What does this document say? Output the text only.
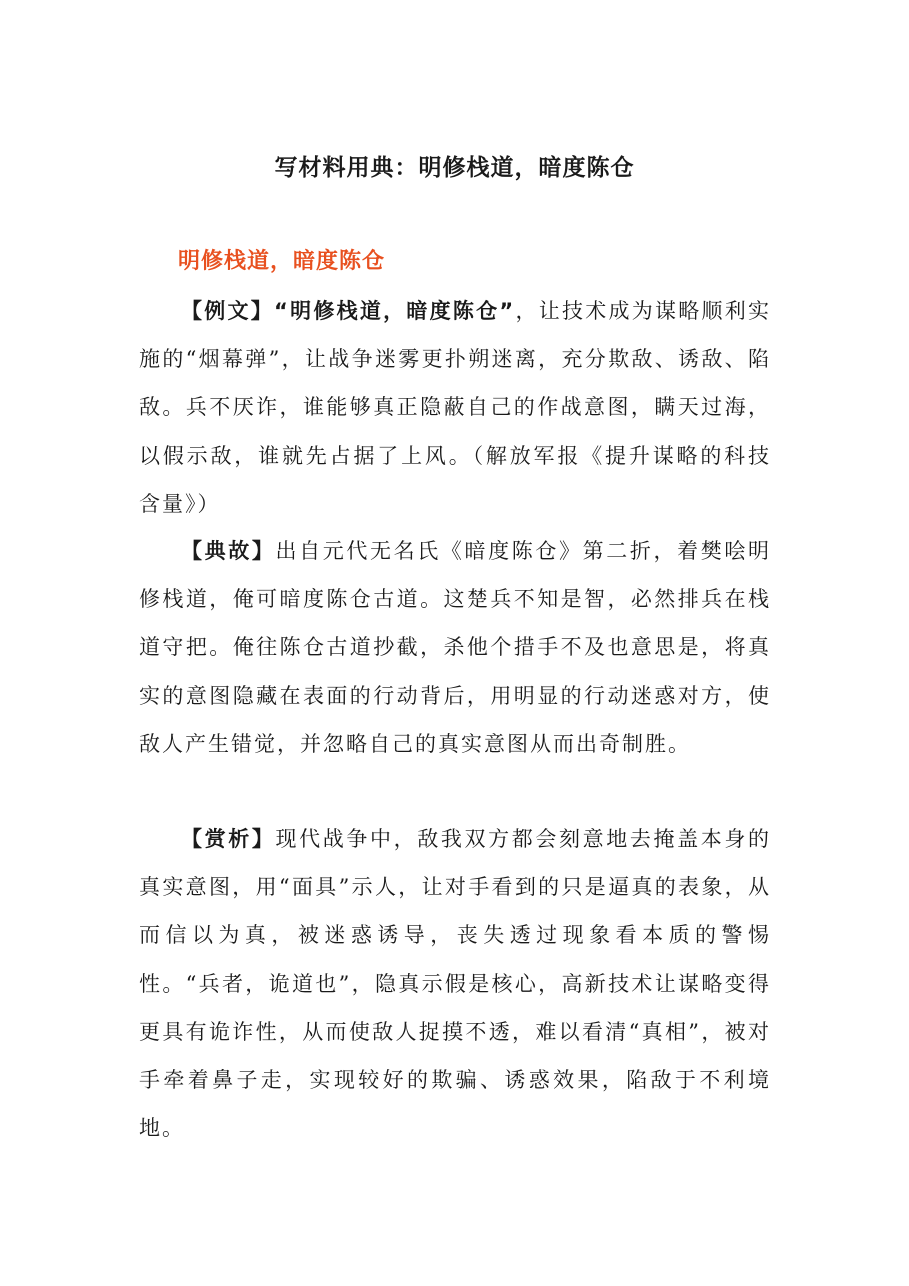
写材料用典：明修栈道，暗度陈仓
明修栈道，暗度陈仓

【例文】“明修栈道，暗度陈仓”，让技术成为谋略顺利实施的“烟幕弹”，让战争迷雾更扑朔迷离，充分欺敌、诱敌、陷敌。兵不厌诈，谁能够真正隐蔽自己的作战意图，瞒天过海，以假示敌，谁就先占据了上风。（解放军报《提升谋略的科技含量》）

【典故】出自元代无名氏《暗度陈仓》第二折，着樊哙明修栈道，俺可暗度陈仓古道。这楚兵不知是智，必然排兵在栈道守把。俺往陈仓古道抄截，杀他个措手不及也意思是，将真实的意图隐藏在表面的行动背后，用明显的行动迷惑对方，使敌人产生错觉，并忽略自己的真实意图从而出奇制胜。

【赏析】现代战争中，敌我双方都会刻意地去掩盖本身的真实意图，用“面具”示人，让对手看到的只是逼真的表象，从而信以为真，被迷惑诱导，丧失透过现象看本质的警惕性。“兵者，诡道也”，隐真示假是核心，高新技术让谋略变得更具有诡诈性，从而使敌人捉摸不透，难以看清“真相”，被对手牵着鼻子走，实现较好的欺骗、诱惑效果，陷敌于不利境地。
